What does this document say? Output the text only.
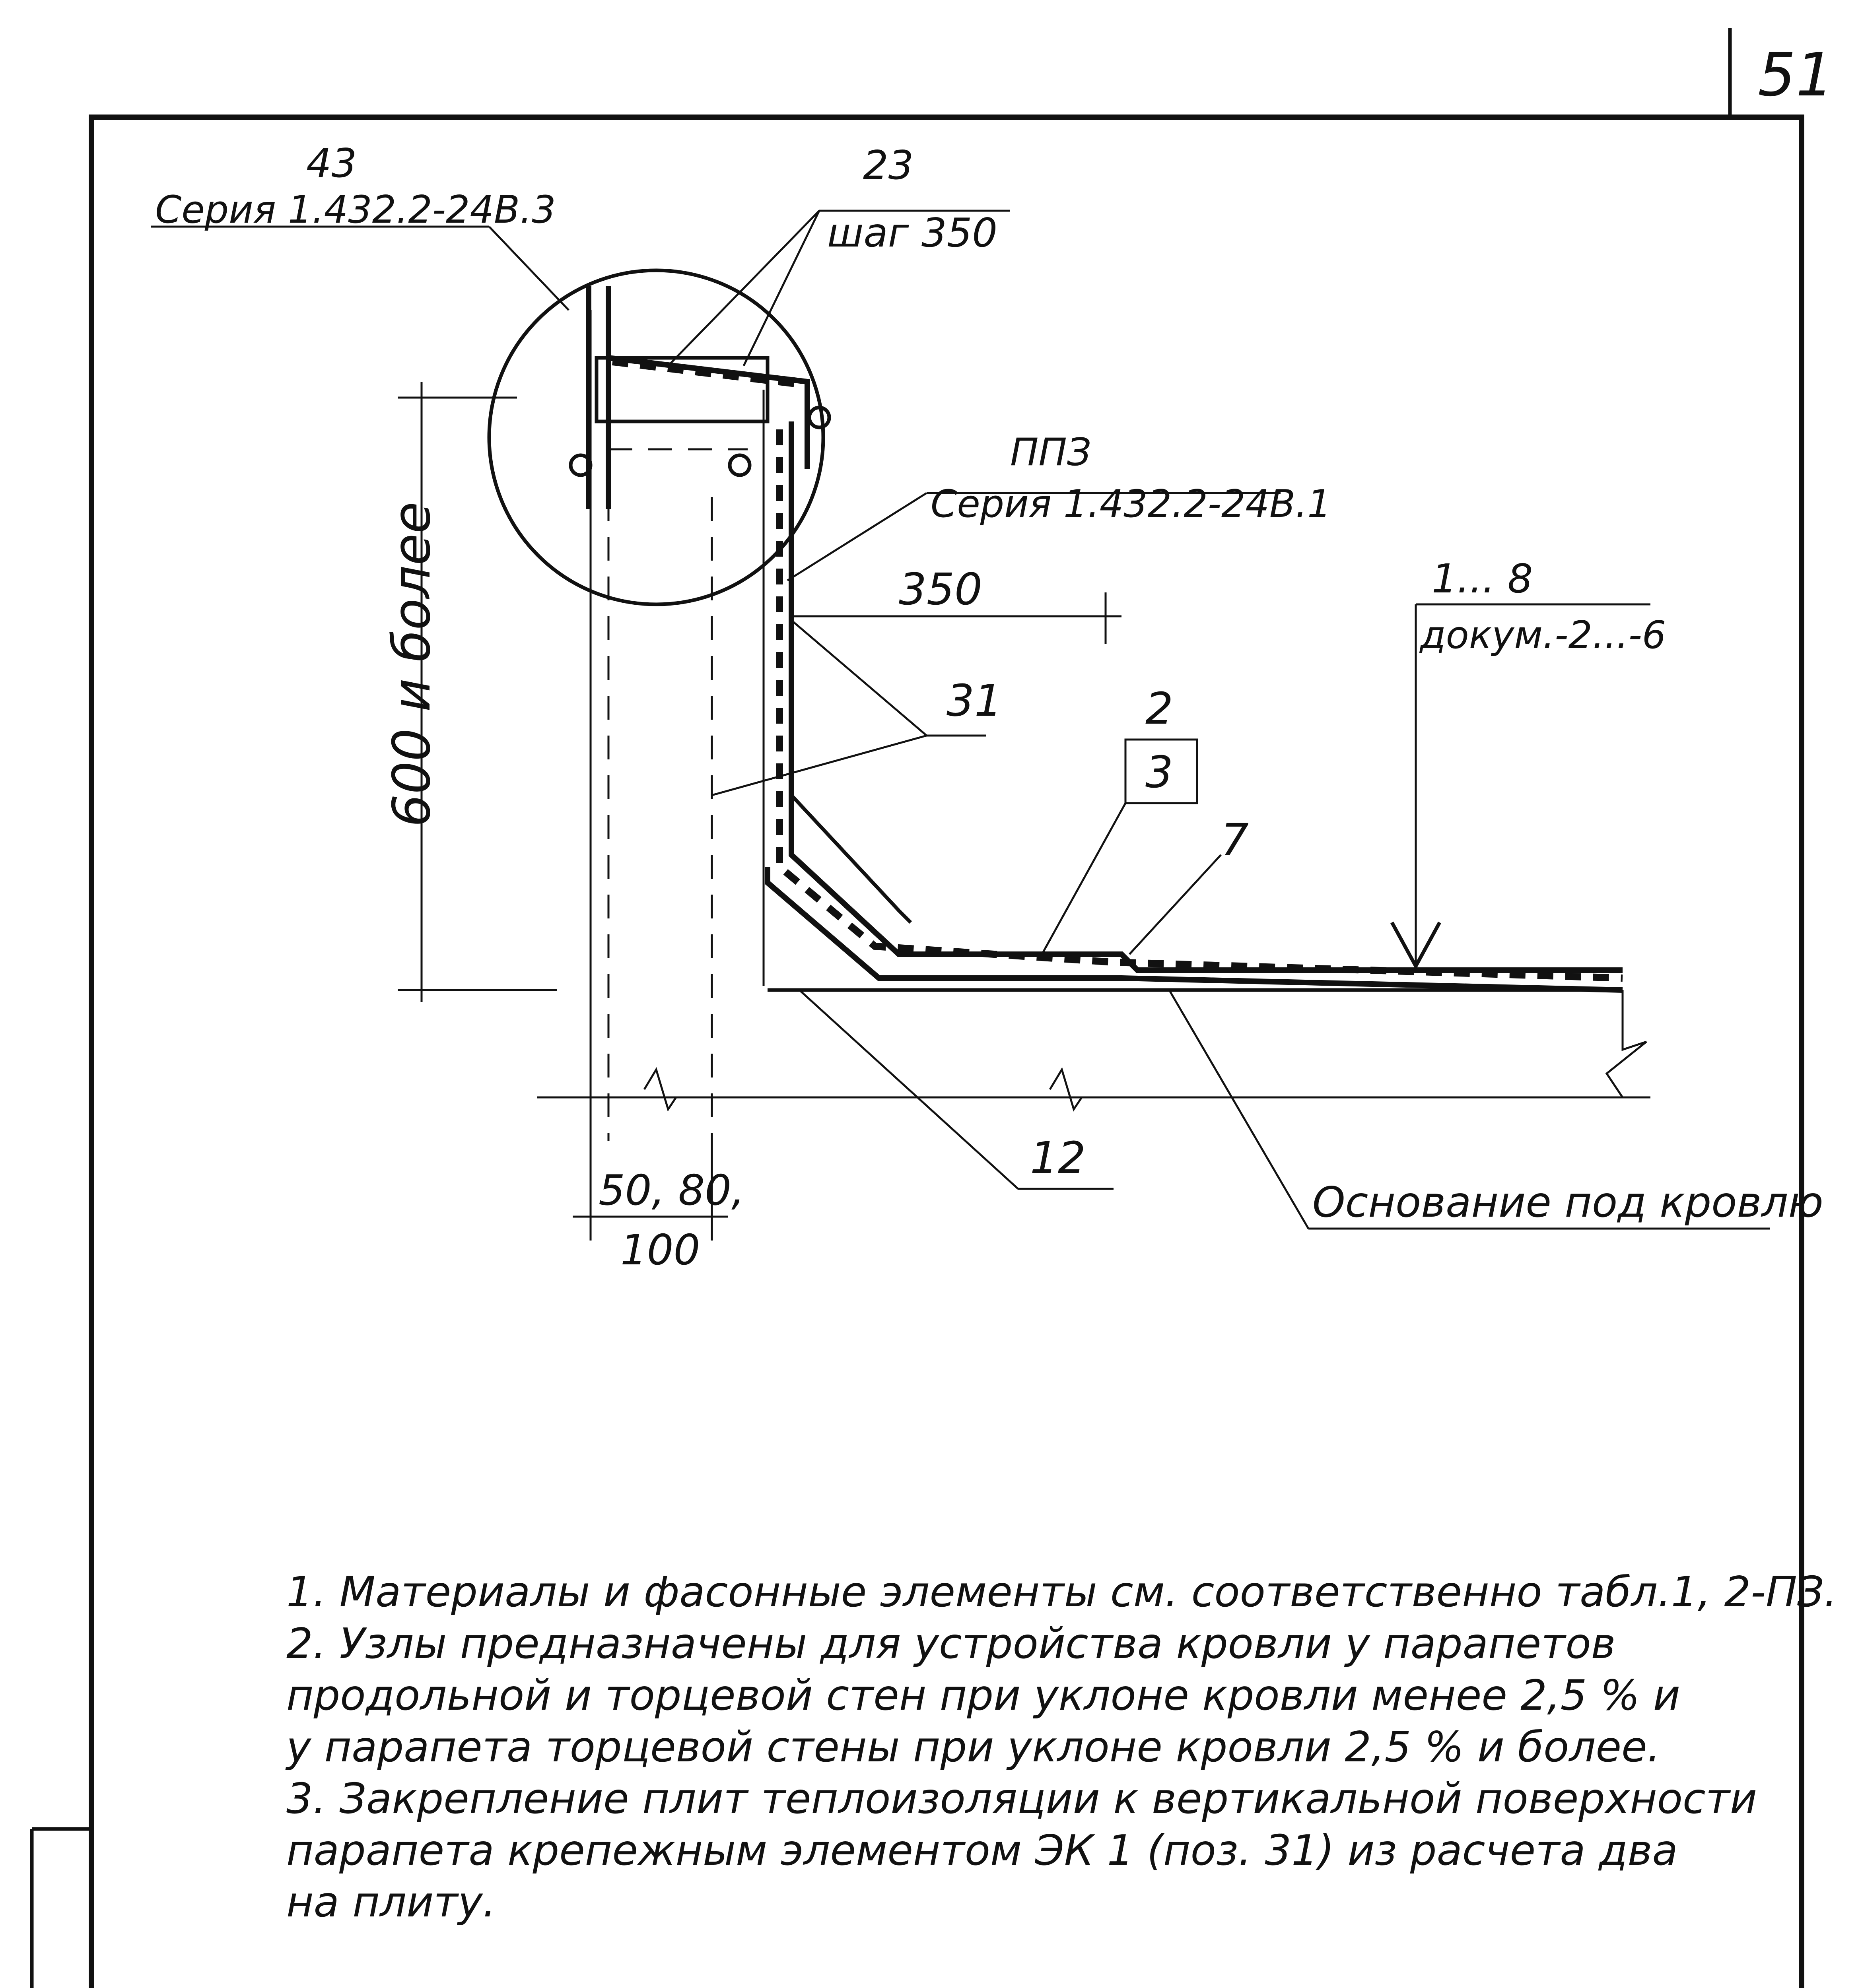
51
600 и более
50, 80,
100
350
43
Серия 1.432.2-24В.3
23
шаг 350
ППЗ
Серия 1.432.2-24В.1
1... 8
докум.-2...-6
31	2
3
7
12
Основание под кровлю
1. Материалы и фасонные элементы см. соответственно табл.1, 2-ПЗ.
2. Узлы предназначены для устройства кровли у парапетов
продольной и торцевой стен при уклоне кровли менее 2,5 % и
у парапета торцевой стены при уклоне кровли 2,5 % и более.
3. Закрепление плит теплоизоляции к вертикальной поверхности
парапета крепежным элементом ЭК 1 (поз. 31) из расчета два
на плиту.
